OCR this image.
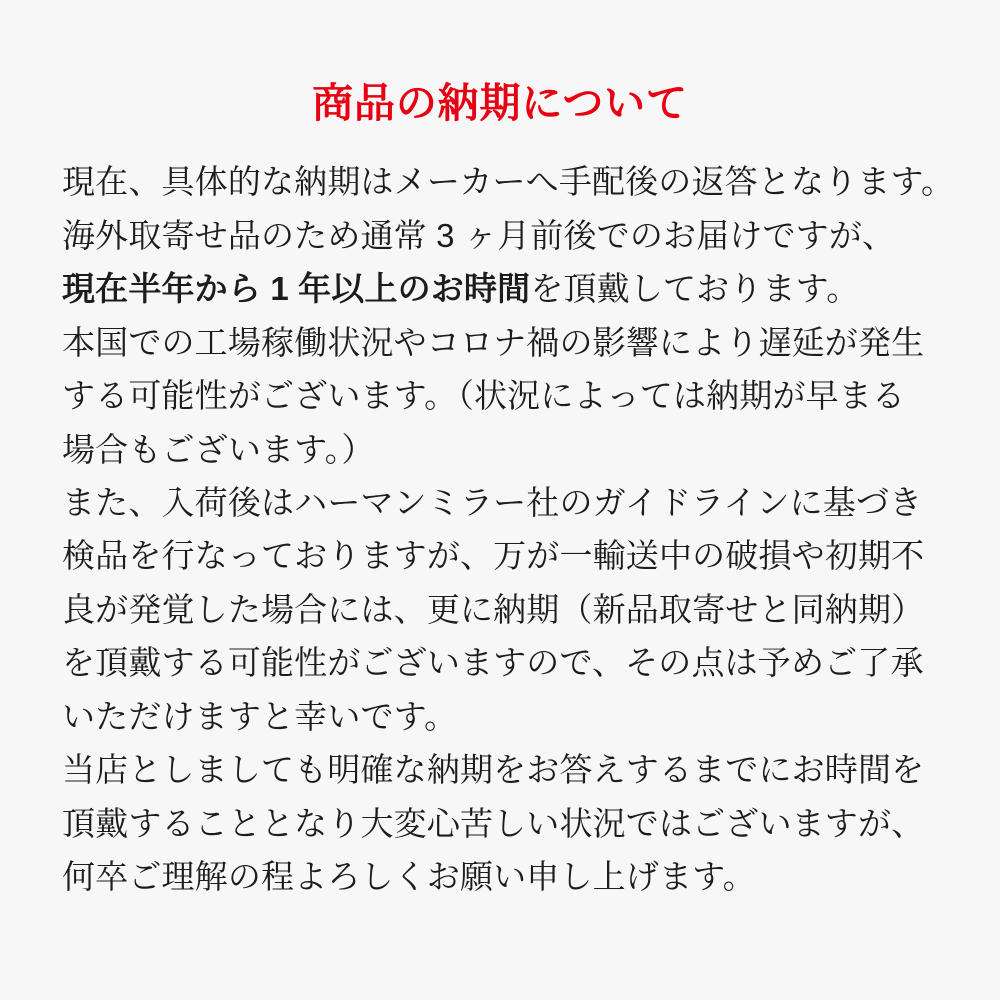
商品の納期について

現在、具体的な納期はメーカーへ手配後の返答となります。
海外取寄せ品のため通常 3 ヶ月前後でのお届けですが、
現在半年から 1 年以上のお時間を頂戴しております。

本国での工場稼働状況やコロナ禍の影響により遅延が発生
する可能性がございます。（状況によっては納期が早まる
場合もございます。）

また、入荷後はハーマンミラー社のガイドラインに基づき
検品を行なっておりますが、万が一輸送中の破損や初期不
良が発覚した場合には、更に納期（新品取寄せと同納期）
を頂戴する可能性がございますので、その点は予めご了承
いただけますと幸いです。

当店としましても明確な納期をお答えするまでにお時間を
頂戴することとなり大変心苦しい状況ではございますが、
何卒ご理解の程よろしくお願い申し上げます。
